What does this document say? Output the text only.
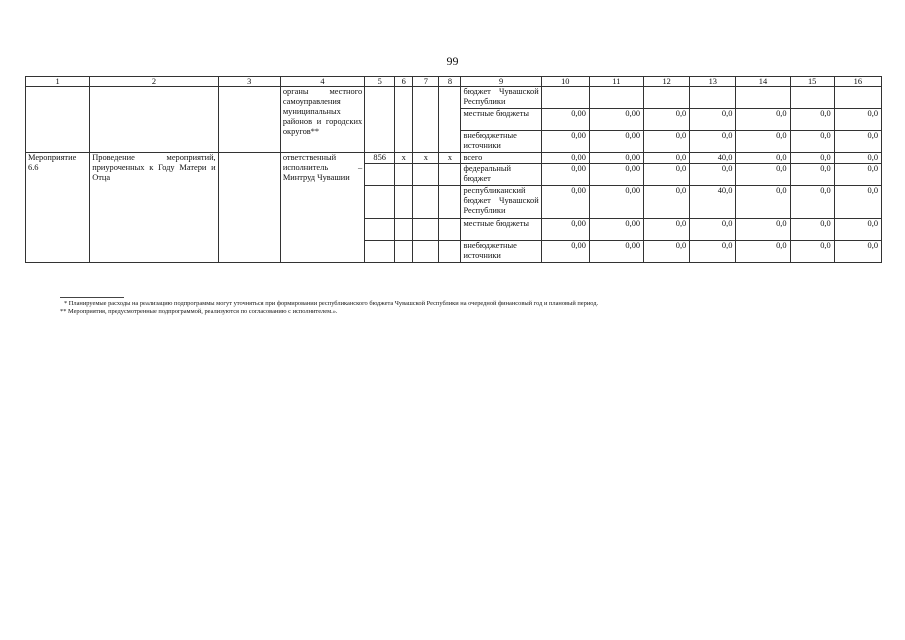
99
1	2	3	4	5	6	7	8	9	10	11	12	13	14	15	16
			органы местного самоуправления муниципальных районов и городских округов**					бюджет Чувашской Республики							
								местные бюджеты	0,00	0,00	0,0	0,0	0,0	0,0	0,0
								внебюджетные источники	0,00	0,00	0,0	0,0	0,0	0,0	0,0
Мероприятие 6.6	Проведение мероприятий, приуроченных к Году Матери и Отца		ответственный исполнитель – Минтруд Чувашии	856	x	x	x	всего	0,00	0,00	0,0	40,0	0,0	0,0	0,0
								федеральный бюджет	0,00	0,00	0,0	0,0	0,0	0,0	0,0
								республиканский бюджет Чувашской Республики	0,00	0,00	0,0	40,0	0,0	0,0	0,0
								местные бюджеты	0,00	0,00	0,0	0,0	0,0	0,0	0,0
								внебюджетные источники	0,00	0,00	0,0	0,0	0,0	0,0	0,0

* Планируемые расходы на реализацию подпрограммы могут уточняться при формировании республиканского бюджета Чувашской Республики на очередной финансовый год и плановый период.

** Мероприятия, предусмотренные подпрограммой, реализуются по согласованию с исполнителем.».
